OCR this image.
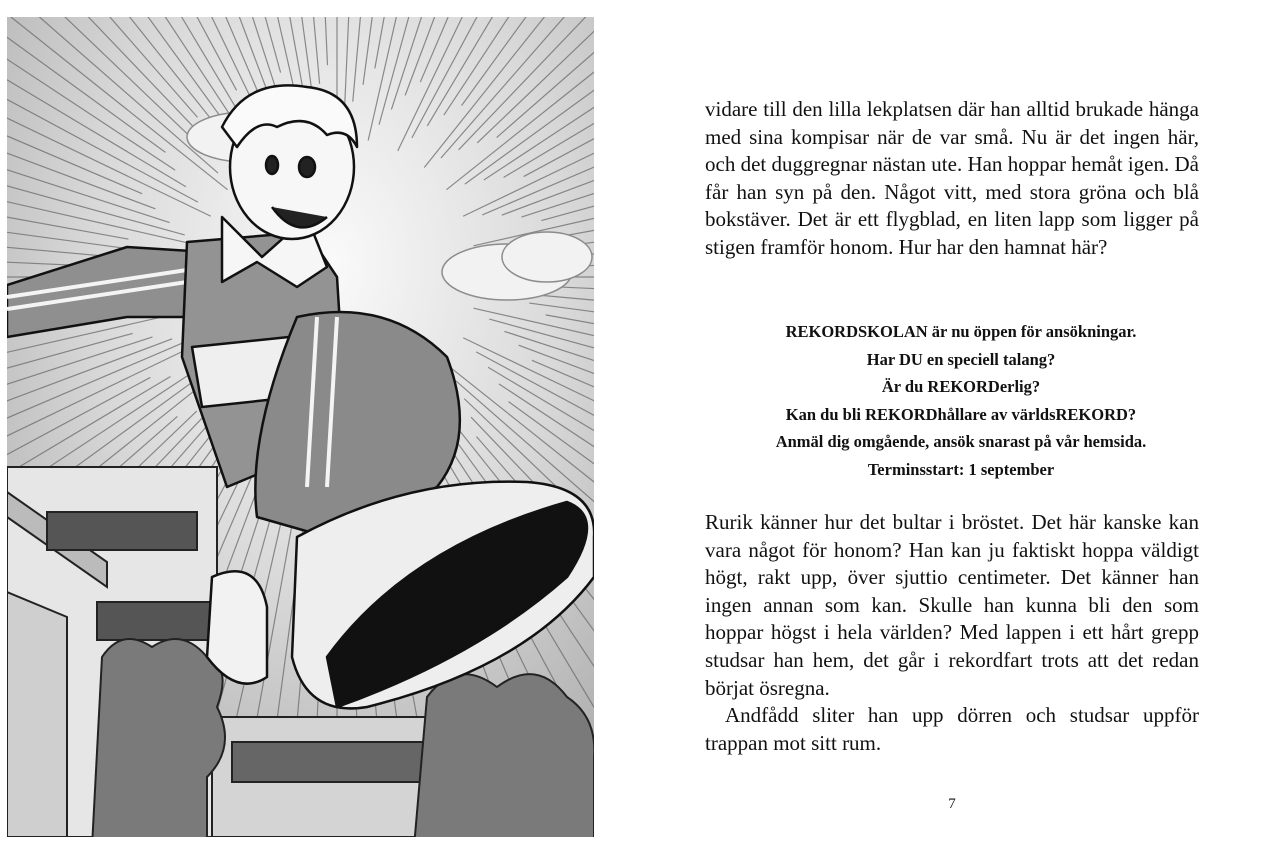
vidare till den lilla lekplatsen där han alltid brukade hänga med sina kompisar när de var små. Nu är det ingen här, och det duggregnar nästan ute. Han hoppar hemåt igen. Då får han syn på den. Något vitt, med stora gröna och blå bokstäver. Det är ett flygblad, en liten lapp som ligger på stigen framför honom. Hur har den hamnat här?

REKORDSKOLAN är nu öppen för ansökningar.
Har DU en speciell talang?
Är du REKORDerlig?
Kan du bli REKORDhållare av världsREKORD?
Anmäl dig omgående, ansök snarast på vår hemsida.
Terminsstart: 1 september

Rurik känner hur det bultar i bröstet. Det här kanske kan vara något för honom? Han kan ju faktiskt hoppa väldigt högt, rakt upp, över sjuttio centimeter. Det känner han ingen annan som kan. Skulle han kunna bli den som hoppar högst i hela världen? Med lappen i ett hårt grepp studsar han hem, det går i rekordfart trots att det redan börjat ösregna.

Andfådd sliter han upp dörren och studsar uppför trappan mot sitt rum.

7
